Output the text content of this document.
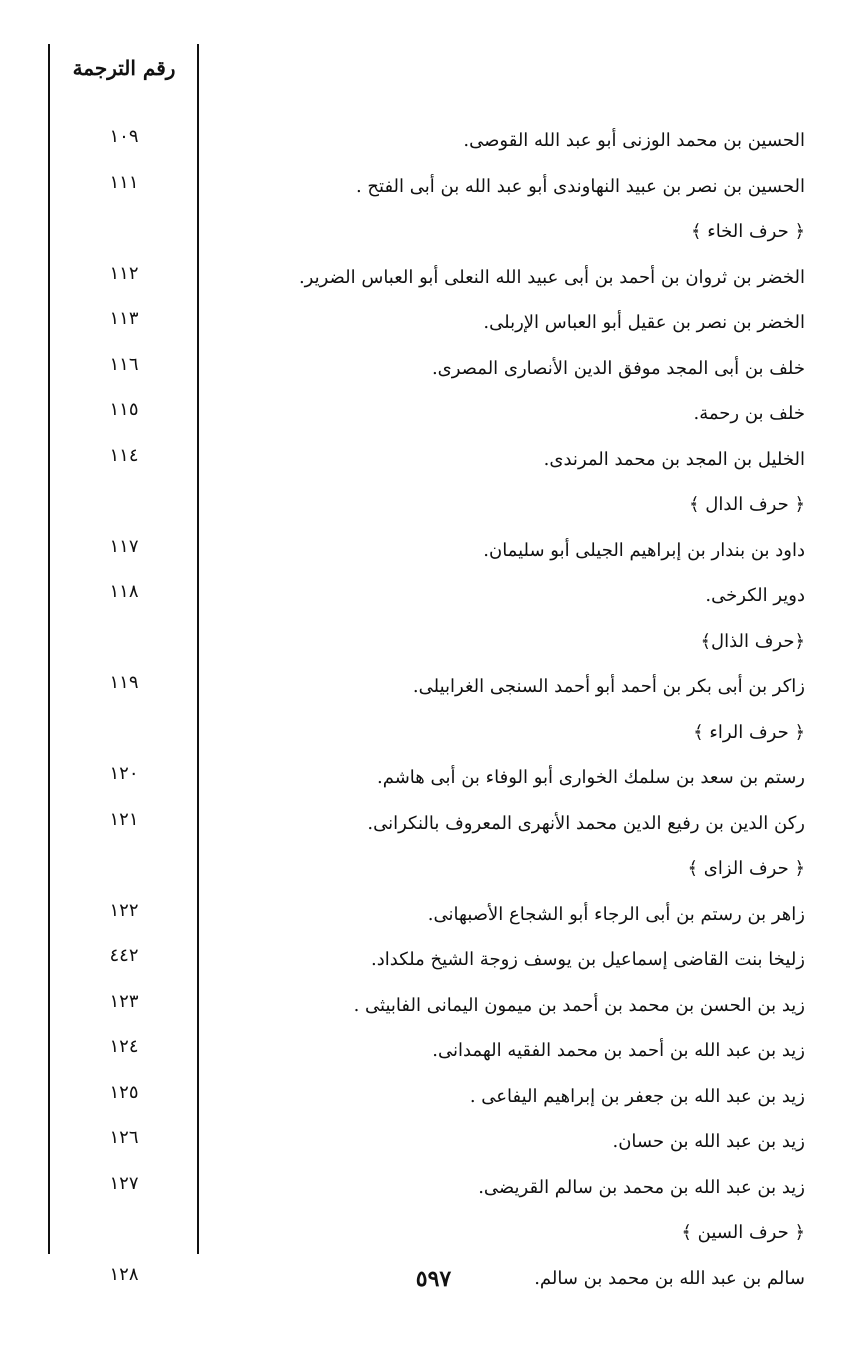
رقم الترجمة
الحسين بن محمد الوزنى أبو عبد الله القوصى.
١٠٩
الحسين بن نصر بن عبيد النهاوندى أبو عبد الله بن أبى الفتح .
١١١
﴿ حرف الخاء ﴾
الخضر بن ثروان بن أحمد بن أبى عبيد الله النعلى أبو العباس الضرير.
١١٢
الخضر بن نصر بن عقيل أبو العباس الإربلى.
١١٣
خلف بن أبى المجد موفق الدين الأنصارى المصرى.
١١٦
خلف بن رحمة.
١١٥
الخليل بن المجد بن محمد المرندى.
١١٤
﴿ حرف الدال ﴾
داود بن بندار بن إبراهيم الجيلى أبو سليمان.
١١٧
دوير الكرخى.
١١٨
﴿حرف الذال﴾
زاكر بن أبى بكر بن أحمد أبو أحمد السنجى الغرابيلى.
١١٩
﴿ حرف الراء ﴾
رستم بن سعد بن سلمك الخوارى أبو الوفاء بن أبى هاشم.
١٢٠
ركن الدين بن رفيع الدين محمد الأنهرى المعروف بالنكرانى.
١٢١
﴿ حرف الزاى ﴾
زاهر بن رستم بن أبى الرجاء أبو الشجاع الأصبهانى.
١٢٢
زليخا بنت القاضى إسماعيل بن يوسف زوجة الشيخ ملكداد.
٤٤٢
زيد بن الحسن بن محمد بن أحمد بن ميمون اليمانى الفابيثى .
١٢٣
زيد بن عبد الله بن أحمد بن محمد الفقيه الهمدانى.
١٢٤
زيد بن عبد الله بن جعفر بن إبراهيم اليفاعى .
١٢٥
زيد بن عبد الله بن حسان.
١٢٦
زيد بن عبد الله بن محمد بن سالم القريضى.
١٢٧
﴿ حرف السين ﴾
سالم بن عبد الله بن محمد بن سالم.
١٢٨	٥٩٧
